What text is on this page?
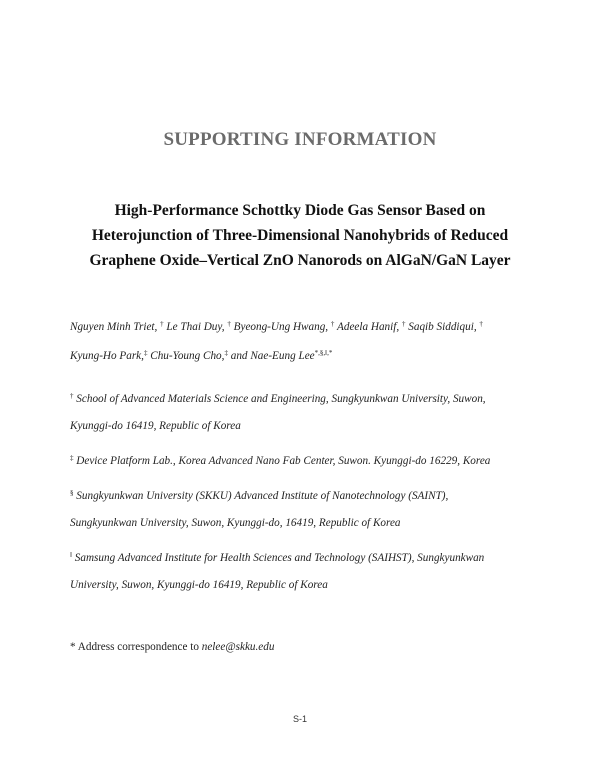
SUPPORTING INFORMATION
High-Performance Schottky Diode Gas Sensor Based on
Heterojunction of Three-Dimensional Nanohybrids of Reduced
Graphene Oxide–Vertical ZnO Nanorods on AlGaN/GaN Layer
Nguyen Minh Triet, † Le Thai Duy, † Byeong-Ung Hwang, † Adeela Hanif, † Saqib Siddiqui, †
Kyung-Ho Park,‡ Chu-Young Cho,‡ and Nae-Eung Lee$^{*,\S,ǁ,*}$
† School of Advanced Materials Science and Engineering, Sungkyunkwan University, Suwon,
Kyunggi-do 16419, Republic of Korea
‡ Device Platform Lab., Korea Advanced Nano Fab Center, Suwon. Kyunggi-do 16229, Korea
§ Sungkyunkwan University (SKKU) Advanced Institute of Nanotechnology (SAINT),
Sungkyunkwan University, Suwon, Kyunggi-do, 16419, Republic of Korea
$^ǁ$ Samsung Advanced Institute for Health Sciences and Technology (SAIHST), Sungkyunkwan
University, Suwon, Kyunggi-do 16419, Republic of Korea
* Address correspondence to nelee@skku.edu
S-1
